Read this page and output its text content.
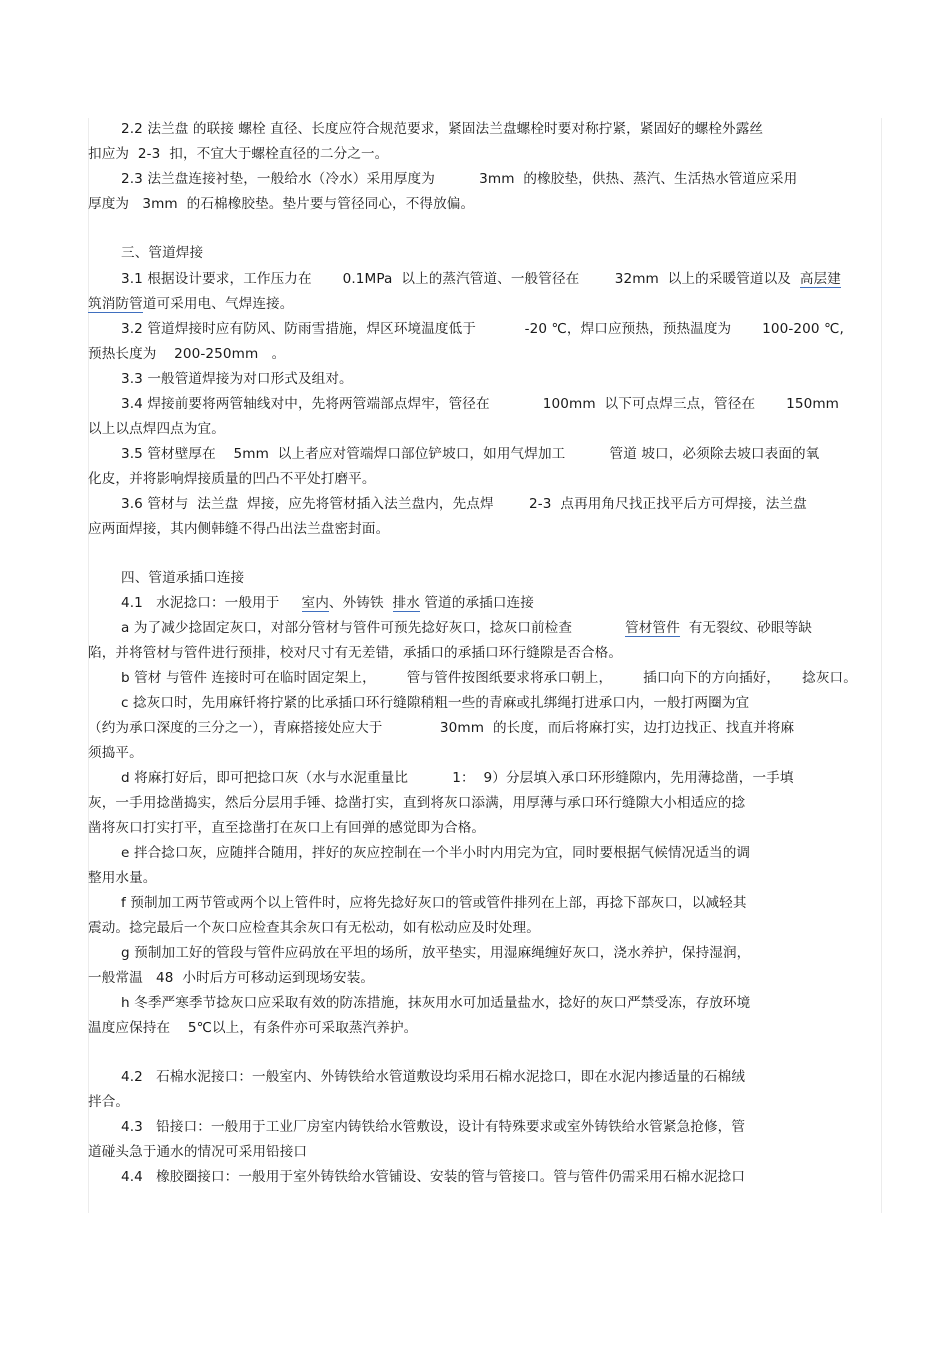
2.2 法兰盘 的联接 螺栓 直径、长度应符合规范要求，紧固法兰盘螺栓时要对称拧紧，紧固好的螺栓外露丝
扣应为  2-3  扣，不宜大于螺栓直径的二分之一。
2.3 法兰盘连接衬垫，一般给水（冷水）采用厚度为          3mm  的橡胶垫，供热、蒸汽、生活热水管道应采用
厚度为   3mm  的石棉橡胶垫。垫片要与管径同心，不得放偏。
三、管道焊接
3.1 根据设计要求，工作压力在       0.1MPa  以上的蒸汽管道、一般管径在        32mm  以上的采暖管道以及  高层建
筑消防管道可采用电、气焊连接。
3.2 管道焊接时应有防风、防雨雪措施，焊区环境温度低于           -20 ℃，焊口应预热，预热温度为       100-200 ℃,
预热长度为    200-250mm   。
3.3 一般管道焊接为对口形式及组对。
3.4 焊接前要将两管轴线对中，先将两管端部点焊牢，管径在            100mm  以下可点焊三点，管径在       150mm
以上以点焊四点为宜。
3.5 管材壁厚在    5mm  以上者应对管端焊口部位铲坡口，如用气焊加工          管道 坡口，必须除去坡口表面的氧
化皮，并将影响焊接质量的凹凸不平处打磨平。
3.6 管材与  法兰盘  焊接，应先将管材插入法兰盘内，先点焊        2-3  点再用角尺找正找平后方可焊接，法兰盘
应两面焊接，其内侧韩缝不得凸出法兰盘密封面。
四、管道承插口连接
4.1   水泥捻口：一般用于     室内、外铸铁  排水 管道的承插口连接
a 为了减少捻固定灰口，对部分管材与管件可预先捻好灰口，捻灰口前检查            管材管件  有无裂纹、砂眼等缺
陷，并将管材与管件进行预排，校对尺寸有无差错，承插口的承插口环行缝隙是否合格。
b 管材 与管件 连接时可在临时固定架上，       管与管件按图纸要求将承口朝上，       插口向下的方向插好，     捻灰口。
c 捻灰口时，先用麻钎将拧紧的比承插口环行缝隙稍粗一些的青麻或扎绑绳打进承口内，一般打两圈为宜
（约为承口深度的三分之一），青麻搭接处应大于             30mm  的长度，而后将麻打实，边打边找正、找直并将麻
须捣平。
d 将麻打好后，即可把捻口灰（水与水泥重量比          1：  9）分层填入承口环形缝隙内，先用薄捻凿，一手填
灰，一手用捻凿捣实，然后分层用手锤、捻凿打实，直到将灰口添满，用厚薄与承口环行缝隙大小相适应的捻
凿将灰口打实打平，直至捻凿打在灰口上有回弹的感觉即为合格。
e 拌合捻口灰，应随拌合随用，拌好的灰应控制在一个半小时内用完为宜，同时要根据气候情况适当的调
整用水量。
f 预制加工两节管或两个以上管件时，应将先捻好灰口的管或管件排列在上部，再捻下部灰口，以减轻其
震动。捻完最后一个灰口应检查其余灰口有无松动，如有松动应及时处理。
g 预制加工好的管段与管件应码放在平坦的场所，放平垫实，用湿麻绳缠好灰口，浇水养护，保持湿润，
一般常温   48  小时后方可移动运到现场安装。
h 冬季严寒季节捻灰口应采取有效的防冻措施，抹灰用水可加适量盐水，捻好的灰口严禁受冻，存放环境
温度应保持在    5℃以上，有条件亦可采取蒸汽养护。
4.2   石棉水泥接口：一般室内、外铸铁给水管道敷设均采用石棉水泥捻口，即在水泥内掺适量的石棉绒
拌合。
4.3   铅接口：一般用于工业厂房室内铸铁给水管敷设，设计有特殊要求或室外铸铁给水管紧急抢修，管
道碰头急于通水的情况可采用铅接口
4.4   橡胶圈接口：一般用于室外铸铁给水管铺设、安装的管与管接口。管与管件仍需采用石棉水泥捻口
